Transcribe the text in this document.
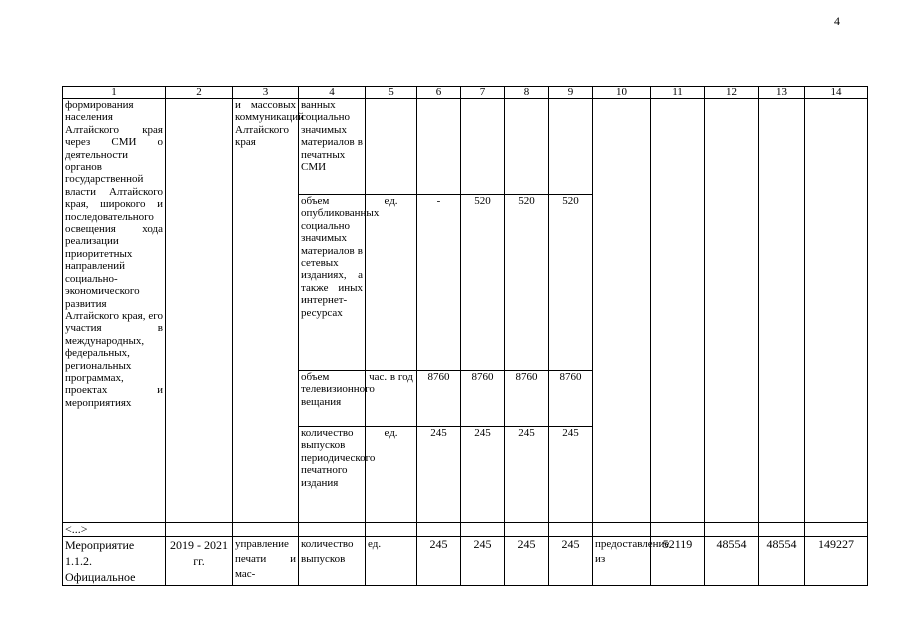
4
1	2	3	4	5	6	7	8	9	10	11	12	13	14
формирования населения Алтайского края через СМИ о деятельности органов государственной власти Алтайского края, широкого и последовательного освещения хода реализации приоритетных направлений социально-экономического развития Алтайского края, его участия в международных, федеральных, региональных программах, проектах и мероприятиях		и массовых коммуникаций Алтайского края	ванных социально значимых материалов в печатных СМИ										
			объем опубликованных социально значимых материалов в сетевых изданиях, а также иных интернет-ресурсах	ед.	-	520	520	520					
			объем телевизионного вещания	час. в год	8760	8760	8760	8760					
			количество выпусков периодического печатного издания	ед.	245	245	245	245					
<...>													
Мероприятие 1.1.2. Официальное	2019 - 2021 гг.	управление печати и мас-	количество выпусков	ед.	245	245	245	245	предоставление из	52119	48554	48554	149227
